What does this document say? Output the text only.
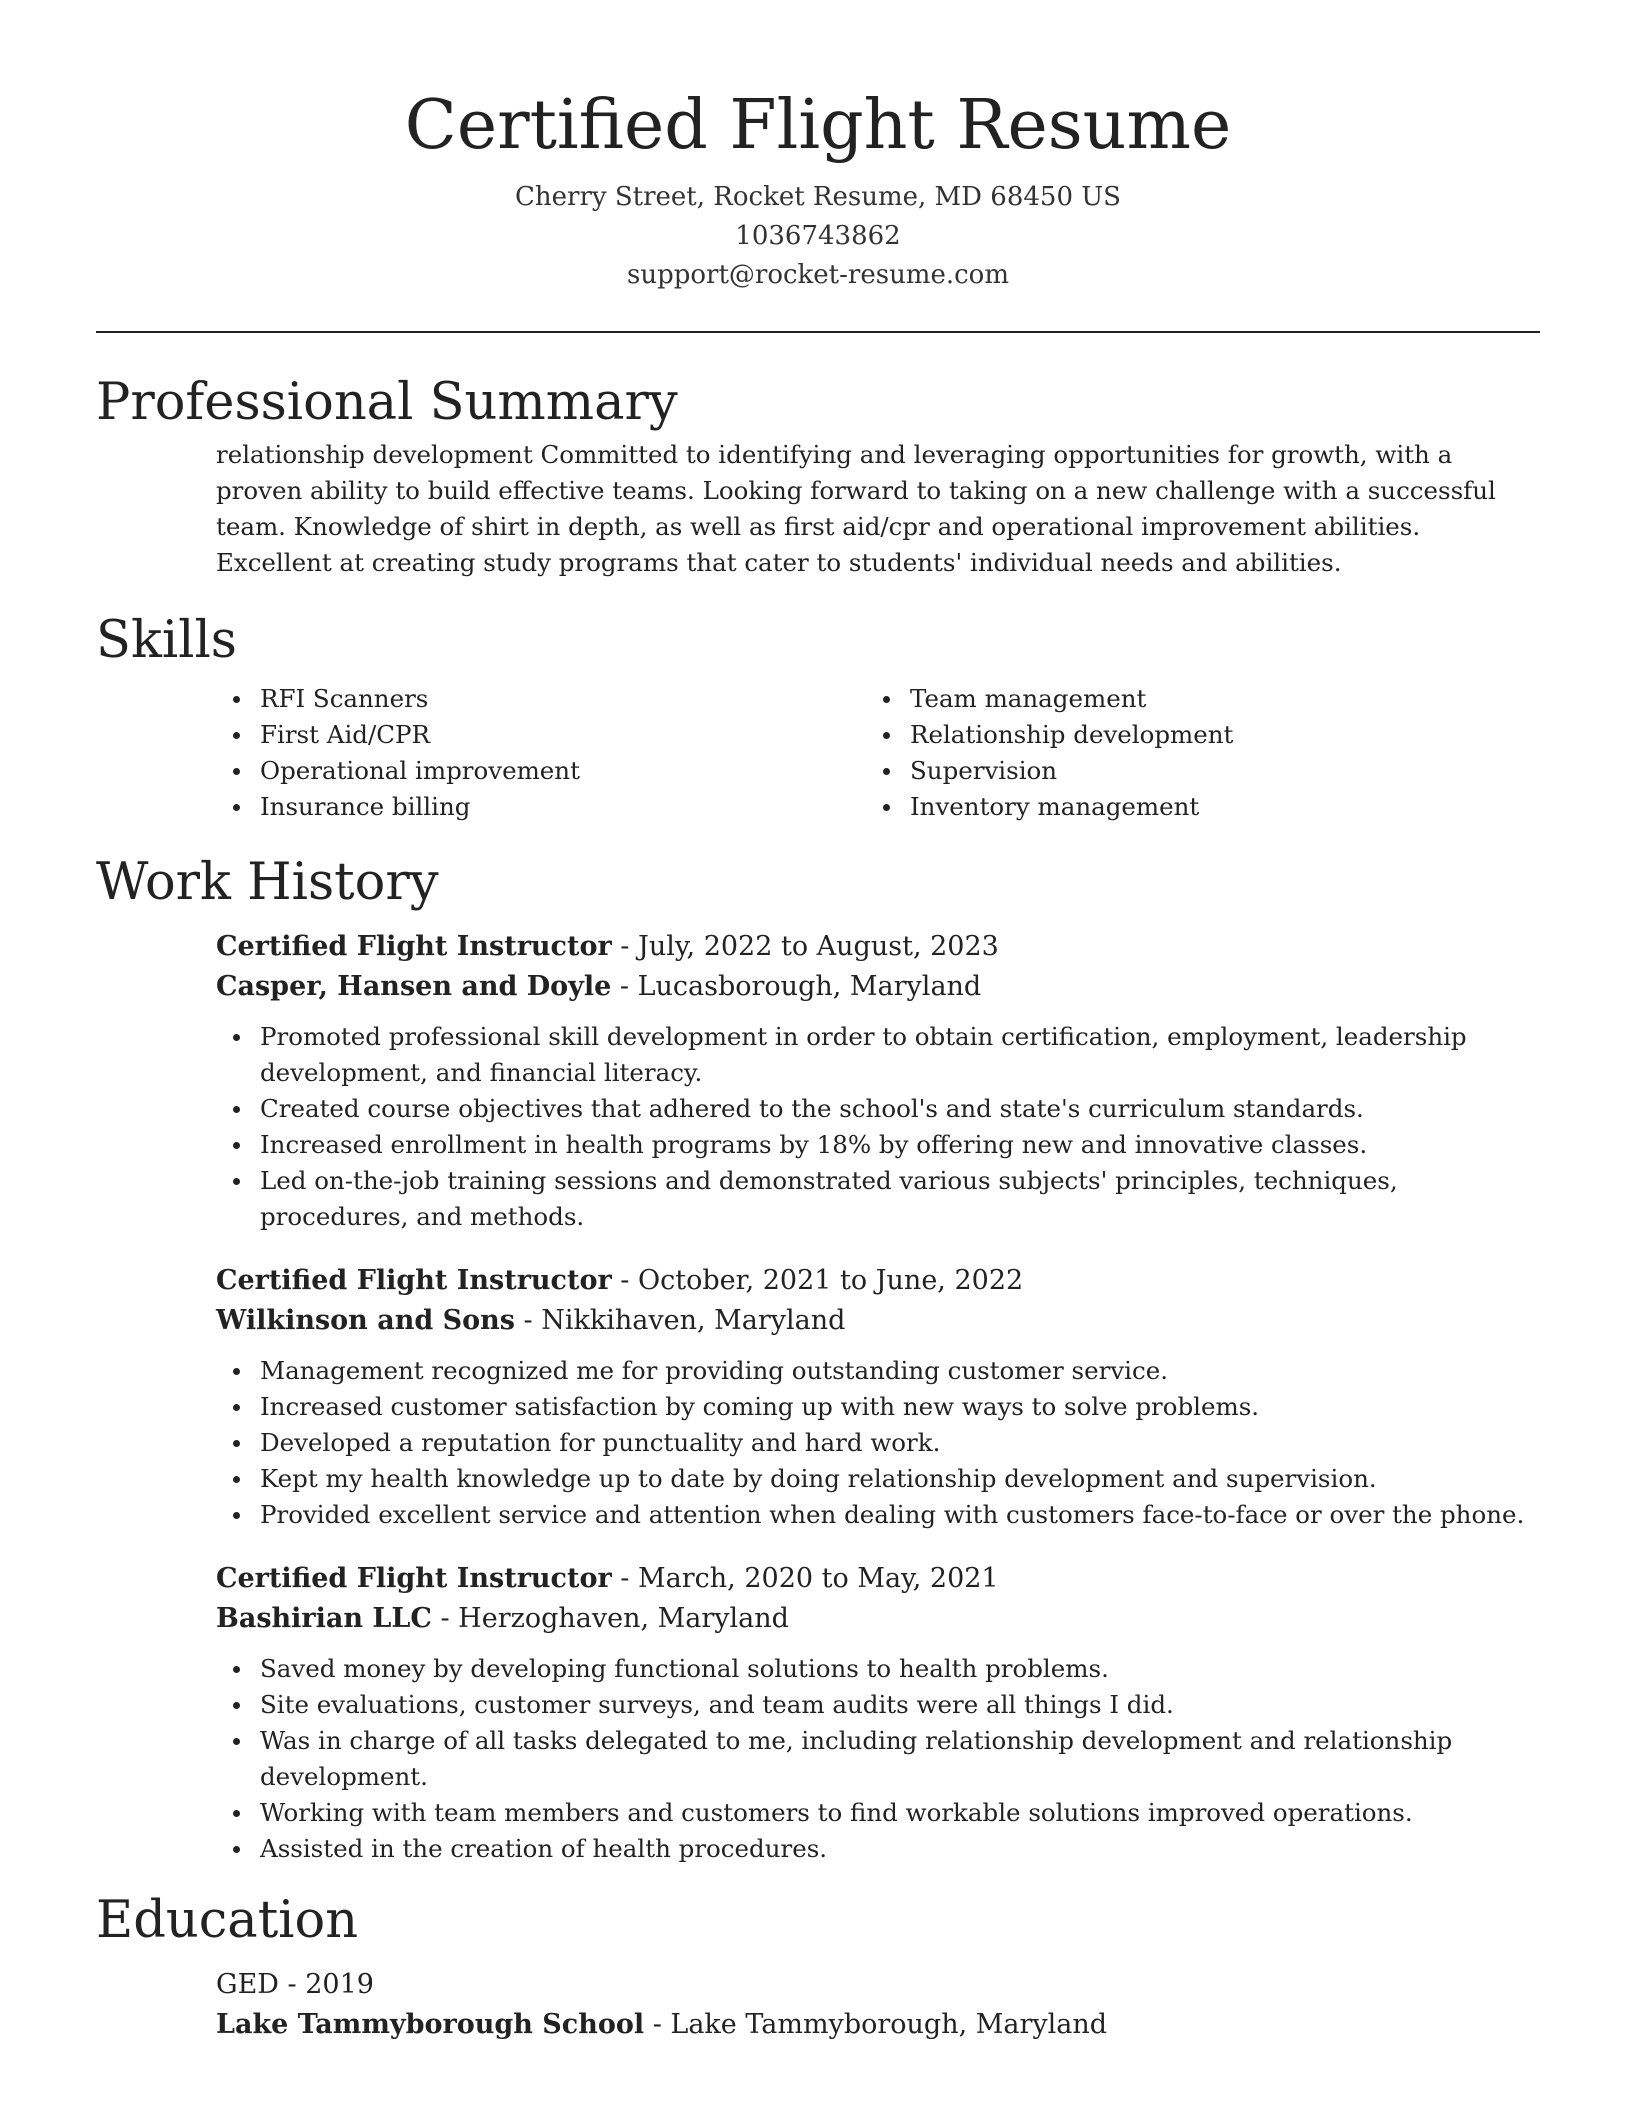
Certified Flight Resume
Cherry Street, Rocket Resume, MD 68450 US
1036743862
support@rocket-resume.com
Professional Summary

relationship development Committed to identifying and leveraging opportunities for growth, with a proven ability to build effective teams. Looking forward to taking on a new challenge with a successful team. Knowledge of shirt in depth, as well as first aid/cpr and operational improvement abilities. Excellent at creating study programs that cater to students' individual needs and abilities.

Skills
RFI Scanners
First Aid/CPR
Operational improvement
Insurance billing
Team management
Relationship development
Supervision
Inventory management
Work History
Certified Flight Instructor - July, 2022 to August, 2023
Casper, Hansen and Doyle - Lucasborough, Maryland
Promoted professional skill development in order to obtain certification, employment, leadership development, and financial literacy.
Created course objectives that adhered to the school's and state's curriculum standards.
Increased enrollment in health programs by 18% by offering new and innovative classes.
Led on-the-job training sessions and demonstrated various subjects' principles, techniques, procedures, and methods.
Certified Flight Instructor - October, 2021 to June, 2022
Wilkinson and Sons - Nikkihaven, Maryland
Management recognized me for providing outstanding customer service.
Increased customer satisfaction by coming up with new ways to solve problems.
Developed a reputation for punctuality and hard work.
Kept my health knowledge up to date by doing relationship development and supervision.
Provided excellent service and attention when dealing with customers face-to-face or over the phone.
Certified Flight Instructor - March, 2020 to May, 2021
Bashirian LLC - Herzoghaven, Maryland
Saved money by developing functional solutions to health problems.
Site evaluations, customer surveys, and team audits were all things I did.
Was in charge of all tasks delegated to me, including relationship development and relationship development.
Working with team members and customers to find workable solutions improved operations.
Assisted in the creation of health procedures.
Education
GED - 2019
Lake Tammyborough School - Lake Tammyborough, Maryland
